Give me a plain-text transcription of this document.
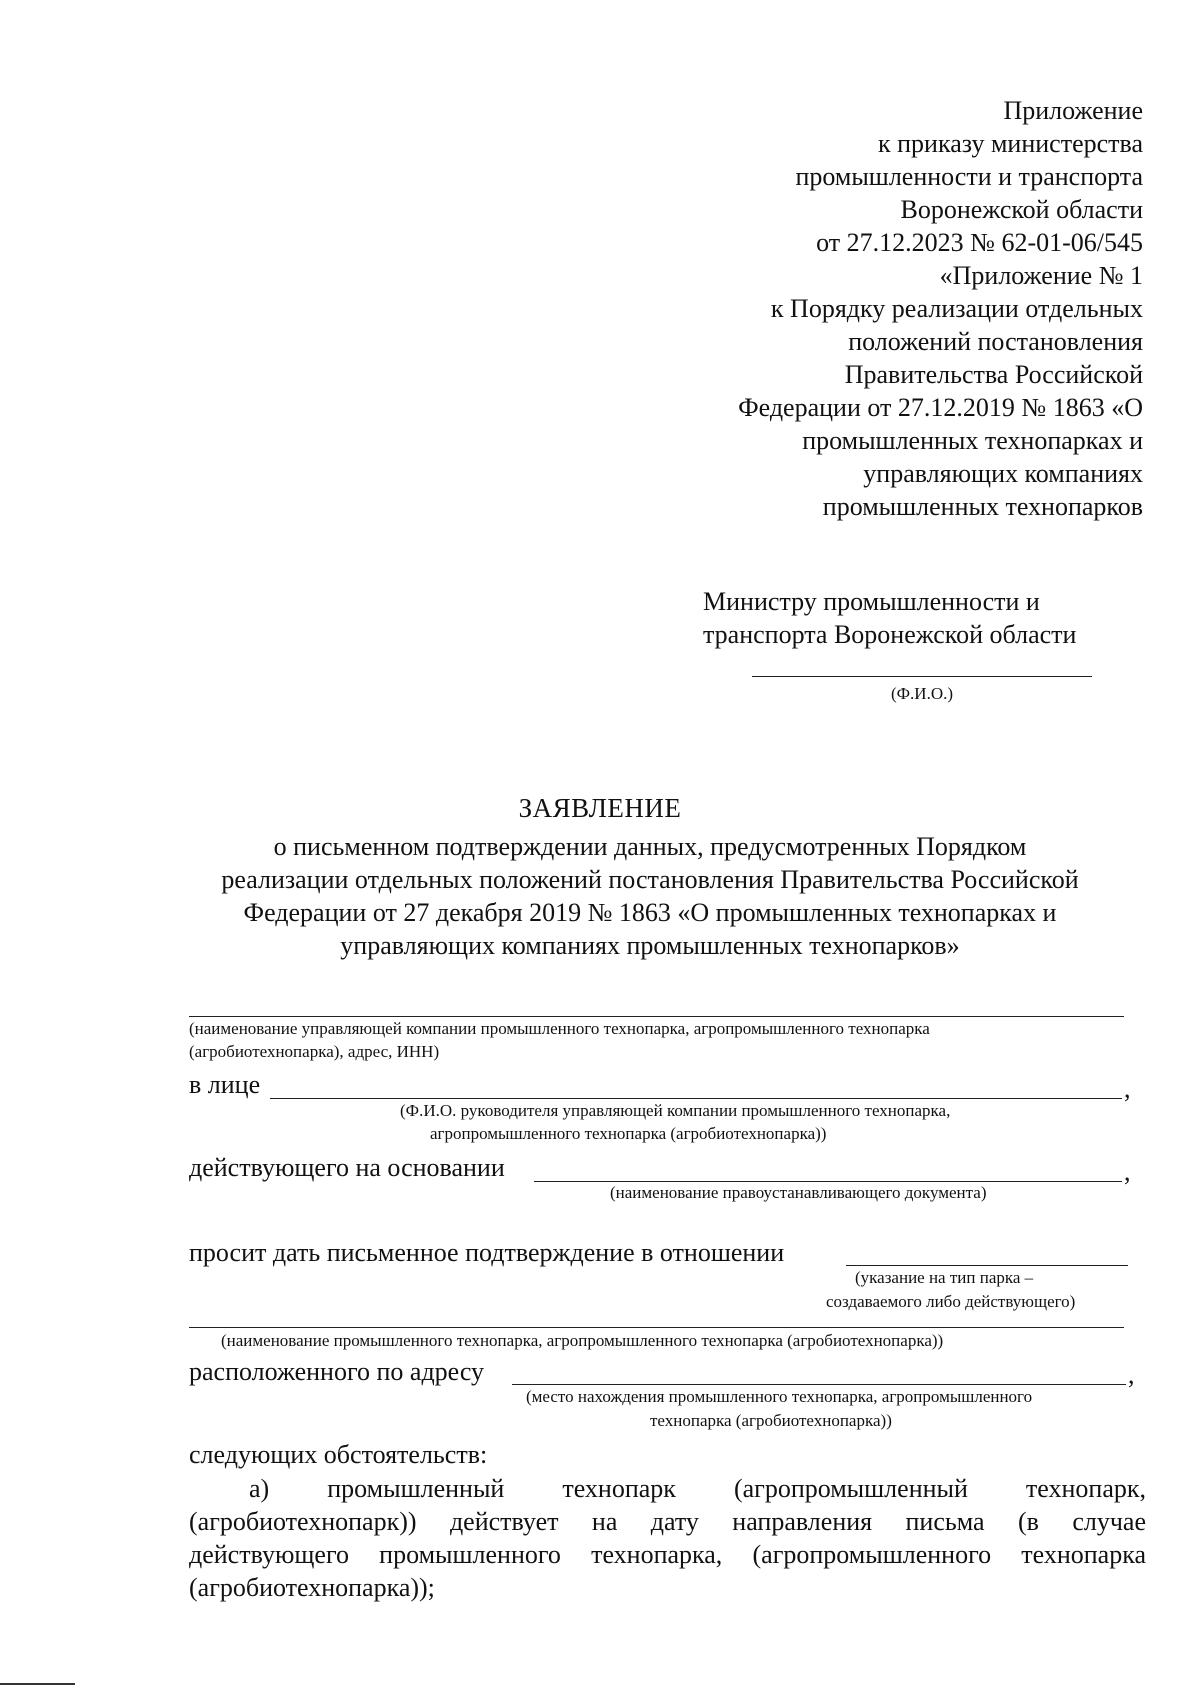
Приложение
к приказу министерства
промышленности и транспорта
Воронежской области
от 27.12.2023 № 62-01-06/545
«Приложение № 1
к Порядку реализации отдельных
положений постановления
Правительства Российской
Федерации от 27.12.2019 № 1863 «О
промышленных технопарках и
управляющих компаниях
промышленных технопарков
Министру промышленности и
транспорта Воронежской области
(Ф.И.О.)
ЗАЯВЛЕНИЕ
о письменном подтверждении данных, предусмотренных Порядком
реализации отдельных положений постановления Правительства Российской
Федерации от 27 декабря 2019 № 1863 «О промышленных технопарках и
управляющих компаниях промышленных технопарков»
(наименование управляющей компании промышленного технопарка, агропромышленного технопарка
(агробиотехнопарка), адрес, ИНН)
в лице	,
(Ф.И.О. руководителя управляющей компании промышленного технопарка,
агропромышленного технопарка (агробиотехнопарка))
действующего на основании	,
(наименование правоустанавливающего документа)
просит дать письменное подтверждение в отношении
(указание на тип парка –
создаваемого либо действующего)
(наименование промышленного технопарка, агропромышленного технопарка (агробиотехнопарка))
расположенного по адресу	,
(место нахождения промышленного технопарка, агропромышленного
технопарка (агробиотехнопарка))
следующих обстоятельств:
а) промышленный технопарк (агропромышленный технопарк,
(агробиотехнопарк)) действует на дату направления письма (в случае
действующего промышленного технопарка, (агропромышленного технопарка
(агробиотехнопарка));
